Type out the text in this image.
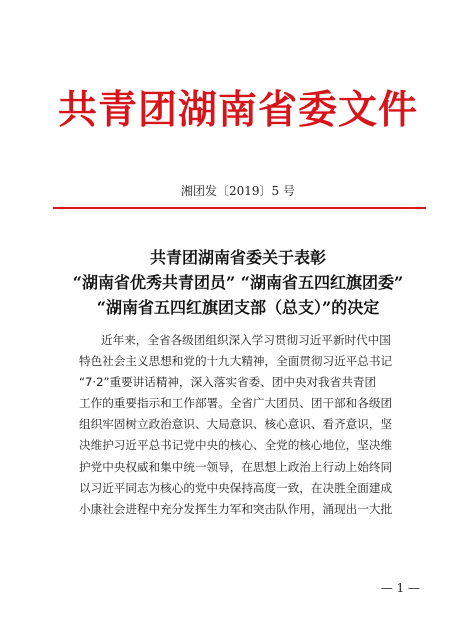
共青团湖南省委文件
湘团发〔2019〕5 号
共青团湖南省委关于表彰
“湖南省优秀共青团员” “湖南省五四红旗团委”
“湖南省五四红旗团支部（总支）”的决定
近年来，全省各级团组织深入学习贯彻习近平新时代中国
特色社会主义思想和党的十九大精神，全面贯彻习近平总书记
“7·2”重要讲话精神，深入落实省委、团中央对我省共青团
工作的重要指示和工作部署。全省广大团员、团干部和各级团
组织牢固树立政治意识、大局意识、核心意识、看齐意识，坚
决维护习近平总书记党中央的核心、全党的核心地位，坚决维
护党中央权威和集中统一领导，在思想上政治上行动上始终同
以习近平同志为核心的党中央保持高度一致，在决胜全面建成
小康社会进程中充分发挥生力军和突击队作用，涌现出一大批
— 1 —
